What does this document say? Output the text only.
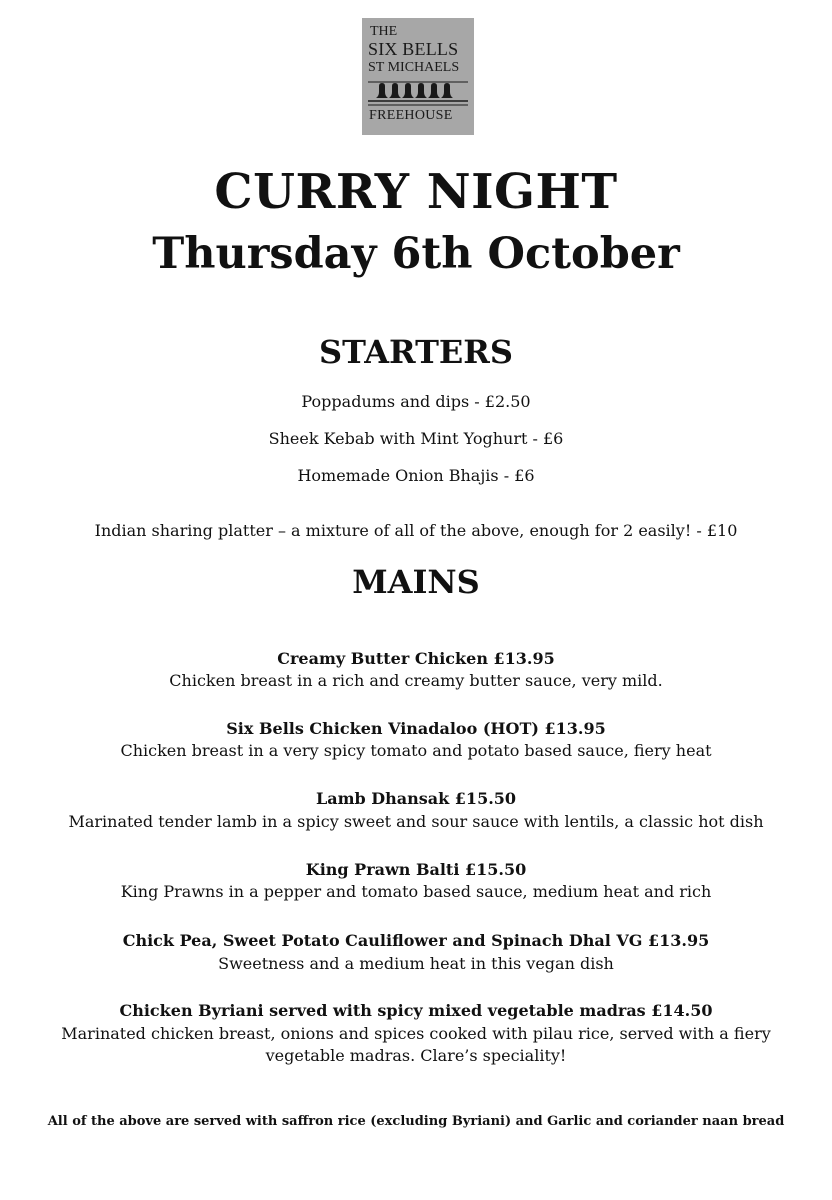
THE
SIX BELLS
ST MICHAELS
FREEHOUSE
CURRY NIGHT
Thursday 6th October
STARTERS
Poppadums and dips - £2.50
Sheek Kebab with Mint Yoghurt - £6
Homemade Onion Bhajis - £6
Indian sharing platter – a mixture of all of the above, enough for 2 easily! - £10
MAINS
Creamy Butter Chicken £13.95
Chicken breast in a rich and creamy butter sauce, very mild.
Six Bells Chicken Vinadaloo (HOT) £13.95
Chicken breast in a very spicy tomato and potato based sauce, fiery heat
Lamb Dhansak £15.50
Marinated tender lamb in a spicy sweet and sour sauce with lentils, a classic hot dish
King Prawn Balti £15.50
King Prawns in a pepper and tomato based sauce, medium heat and rich
Chick Pea, Sweet Potato Cauliflower and Spinach Dhal VG £13.95
Sweetness and a medium heat in this vegan dish
Chicken Byriani served with spicy mixed vegetable madras £14.50
Marinated chicken breast, onions and spices cooked with pilau rice, served with a fiery
vegetable madras. Clare’s speciality!
All of the above are served with saffron rice (excluding Byriani) and Garlic and coriander naan bread
